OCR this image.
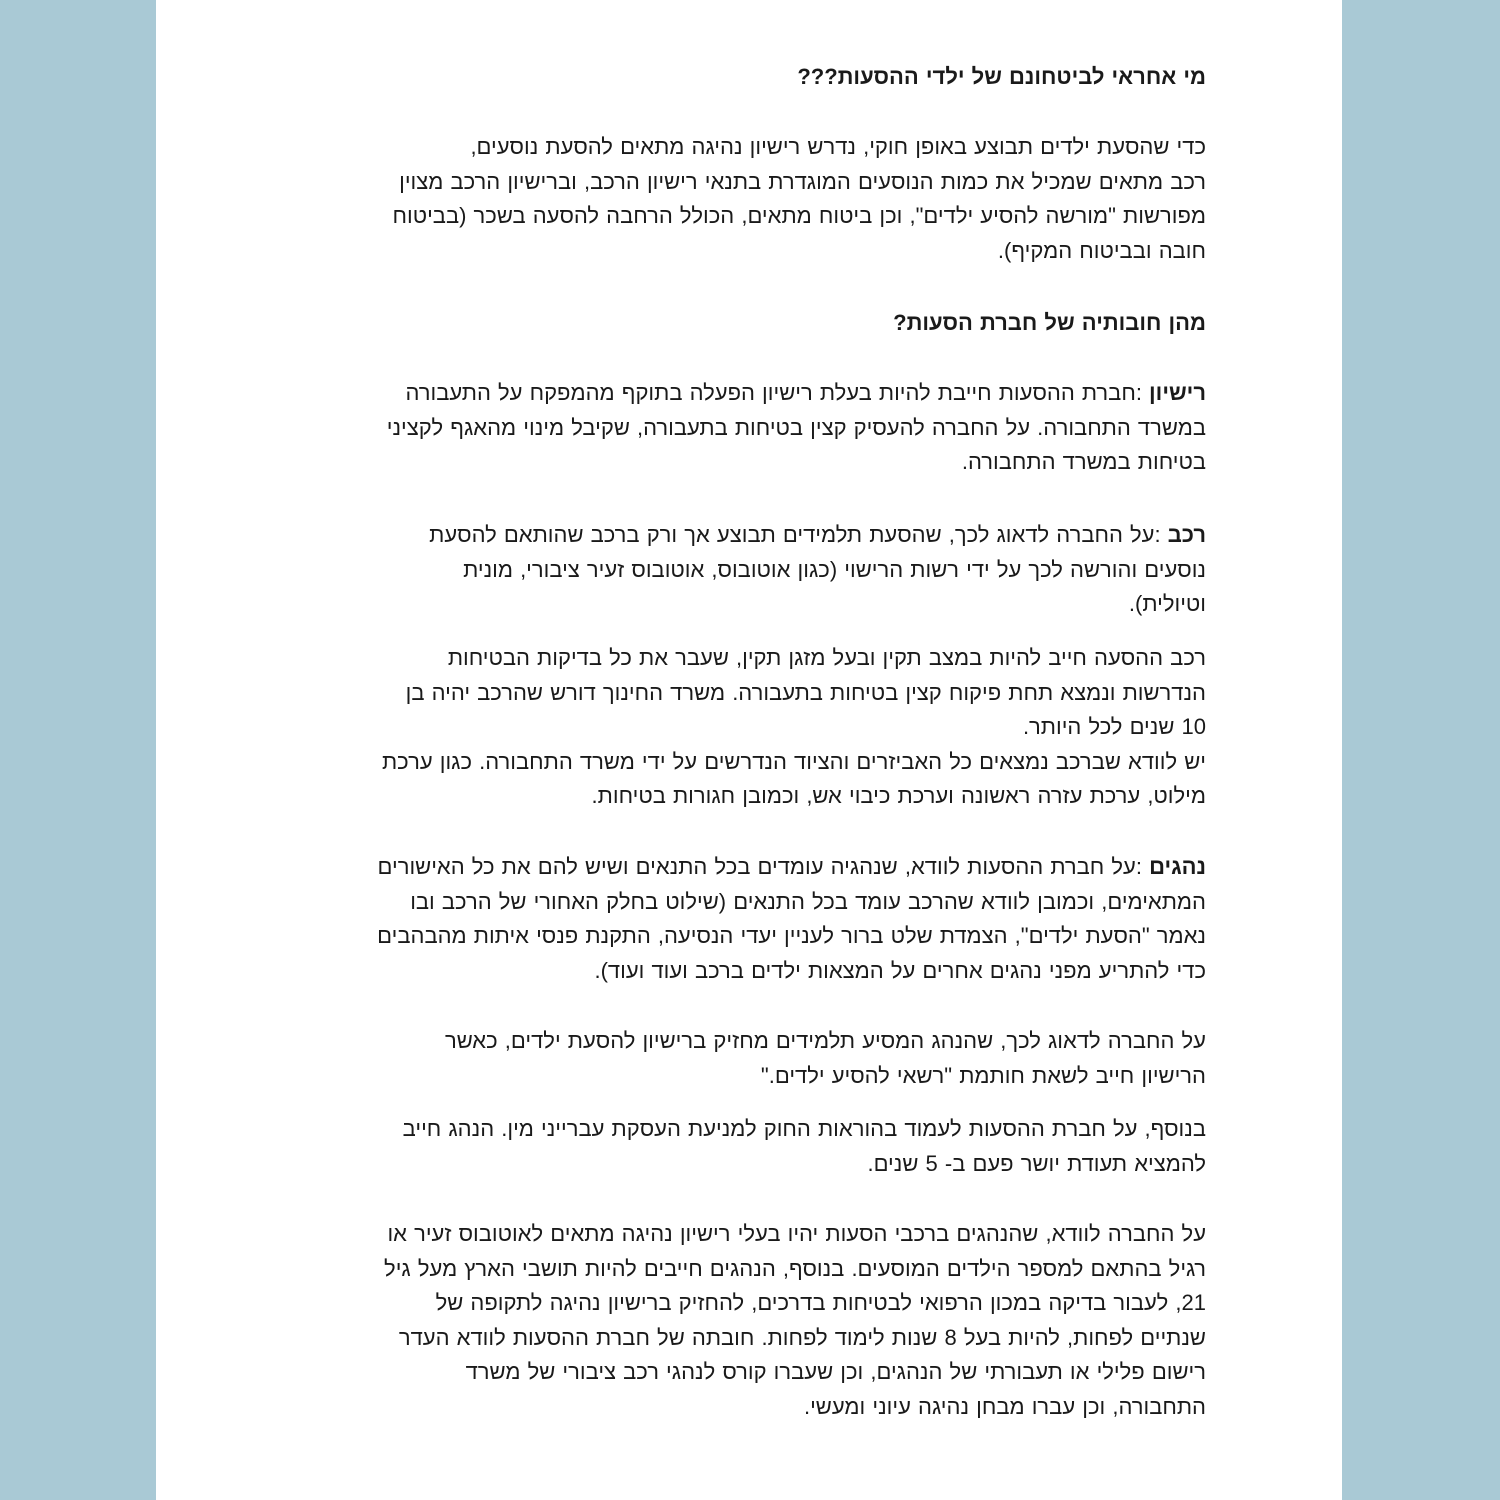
מי אחראי לביטחונם של ילדי ההסעות???

כדי שהסעת ילדים תבוצע באופן חוקי, נדרש רישיון נהיגה מתאים להסעת נוסעים,

רכב מתאים שמכיל את כמות הנוסעים המוגדרת בתנאי רישיון הרכב, וברישיון הרכב מצוין

מפורשות "מורשה להסיע ילדים", וכן ביטוח מתאים, הכולל הרחבה להסעה בשכר (בביטוח

חובה ובביטוח המקיף).

מהן חובותיה של חברת הסעות?

רישיון :חברת ההסעות חייבת להיות בעלת רישיון הפעלה בתוקף מהמפקח על התעבורה

במשרד התחבורה. על החברה להעסיק קצין בטיחות בתעבורה, שקיבל מינוי מהאגף לקציני

בטיחות במשרד התחבורה.

רכב :על החברה לדאוג לכך, שהסעת תלמידים תבוצע אך ורק ברכב שהותאם להסעת

נוסעים והורשה לכך על ידי רשות הרישוי (כגון אוטובוס, אוטובוס זעיר ציבורי, מונית

וטיולית).

רכב ההסעה חייב להיות במצב תקין ובעל מזגן תקין, שעבר את כל בדיקות הבטיחות

הנדרשות ונמצא תחת פיקוח קצין בטיחות בתעבורה. משרד החינוך דורש שהרכב יהיה בן

10 שנים לכל היותר.

יש לוודא שברכב נמצאים כל האביזרים והציוד הנדרשים על ידי משרד התחבורה. כגון ערכת

מילוט, ערכת עזרה ראשונה וערכת כיבוי אש, וכמובן חגורות בטיחות.

נהגים :על חברת ההסעות לוודא, שנהגיה עומדים בכל התנאים ושיש להם את כל האישורים

המתאימים, וכמובן לוודא שהרכב עומד בכל התנאים (שילוט בחלק האחורי של הרכב ובו

נאמר "הסעת ילדים", הצמדת שלט ברור לעניין יעדי הנסיעה, התקנת פנסי איתות מהבהבים

כדי להתריע מפני נהגים אחרים על המצאות ילדים ברכב ועוד ועוד).

על החברה לדאוג לכך, שהנהג המסיע תלמידים מחזיק ברישיון להסעת ילדים, כאשר

הרישיון חייב לשאת חותמת "רשאי להסיע ילדים."

בנוסף, על חברת ההסעות לעמוד בהוראות החוק למניעת העסקת עברייני מין. הנהג חייב

להמציא תעודת יושר פעם ב- 5 שנים.

על החברה לוודא, שהנהגים ברכבי הסעות יהיו בעלי רישיון נהיגה מתאים לאוטובוס זעיר או

רגיל בהתאם למספר הילדים המוסעים. בנוסף, הנהגים חייבים להיות תושבי הארץ מעל גיל

21, לעבור בדיקה במכון הרפואי לבטיחות בדרכים, להחזיק ברישיון נהיגה לתקופה של

שנתיים לפחות, להיות בעל 8 שנות לימוד לפחות. חובתה של חברת ההסעות לוודא העדר

רישום פלילי או תעבורתי של הנהגים, וכן שעברו קורס לנהגי רכב ציבורי של משרד

התחבורה, וכן עברו מבחן נהיגה עיוני ומעשי.
